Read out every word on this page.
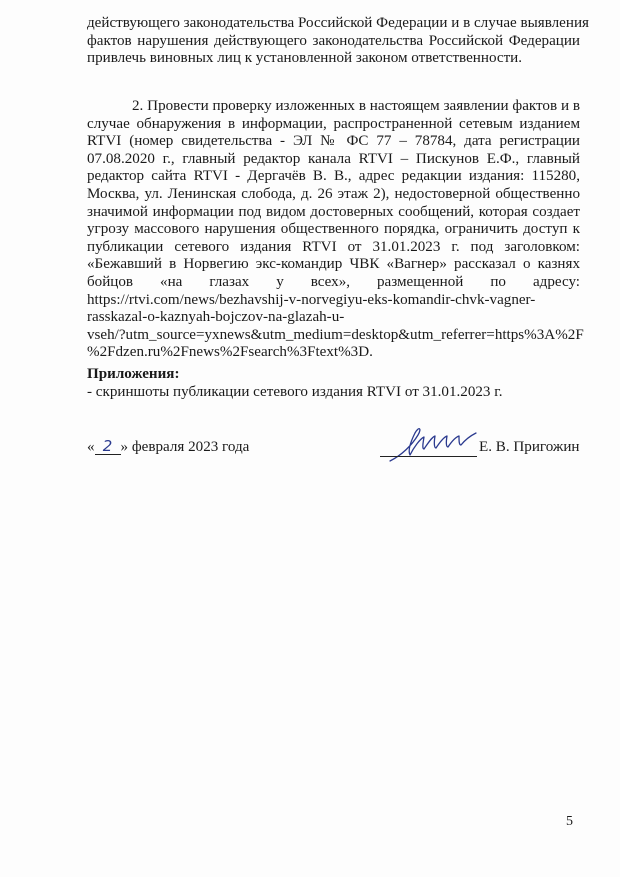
действующего законодательства Российской Федерации и в случае выявления
фактов нарушения действующего законодательства Российской Федерации
привлечь виновных лиц к установленной законом ответственности.
2. Провести проверку изложенных в настоящем заявлении фактов и в
случае обнаружения в информации, распространенной сетевым изданием
RTVI (номер свидетельства - ЭЛ № ФС 77 – 78784, дата регистрации
07.08.2020 г., главный редактор канала RTVI – Пискунов Е.Ф., главный
редактор сайта RTVI - Дергачёв В. В., адрес редакции издания: 115280,
Москва, ул. Ленинская слобода, д. 26 этаж 2), недостоверной общественно
значимой информации под видом достоверных сообщений, которая создает
угрозу массового нарушения общественного порядка, ограничить доступ к
публикации сетевого издания RTVI от 31.01.2023 г. под заголовком:
«Бежавший в Норвегию экс-командир ЧВК «Вагнер» рассказал о казнях
бойцов «на глазах у всех», размещенной по адресу:
https://rtvi.com/news/bezhavshij-v-norvegiyu-eks-komandir-chvk-vagner-
rasskazal-o-kaznyah-bojczov-na-glazah-u-
vseh/?utm_source=yxnews&utm_medium=desktop&utm_referrer=https%3A%2F
%2Fdzen.ru%2Fnews%2Fsearch%3Ftext%3D.

Приложения:

- скриншоты публикации сетевого издания RTVI от 31.01.2023 г.

« 2 » февраля 2023 года	Е. В. Пригожин
5
